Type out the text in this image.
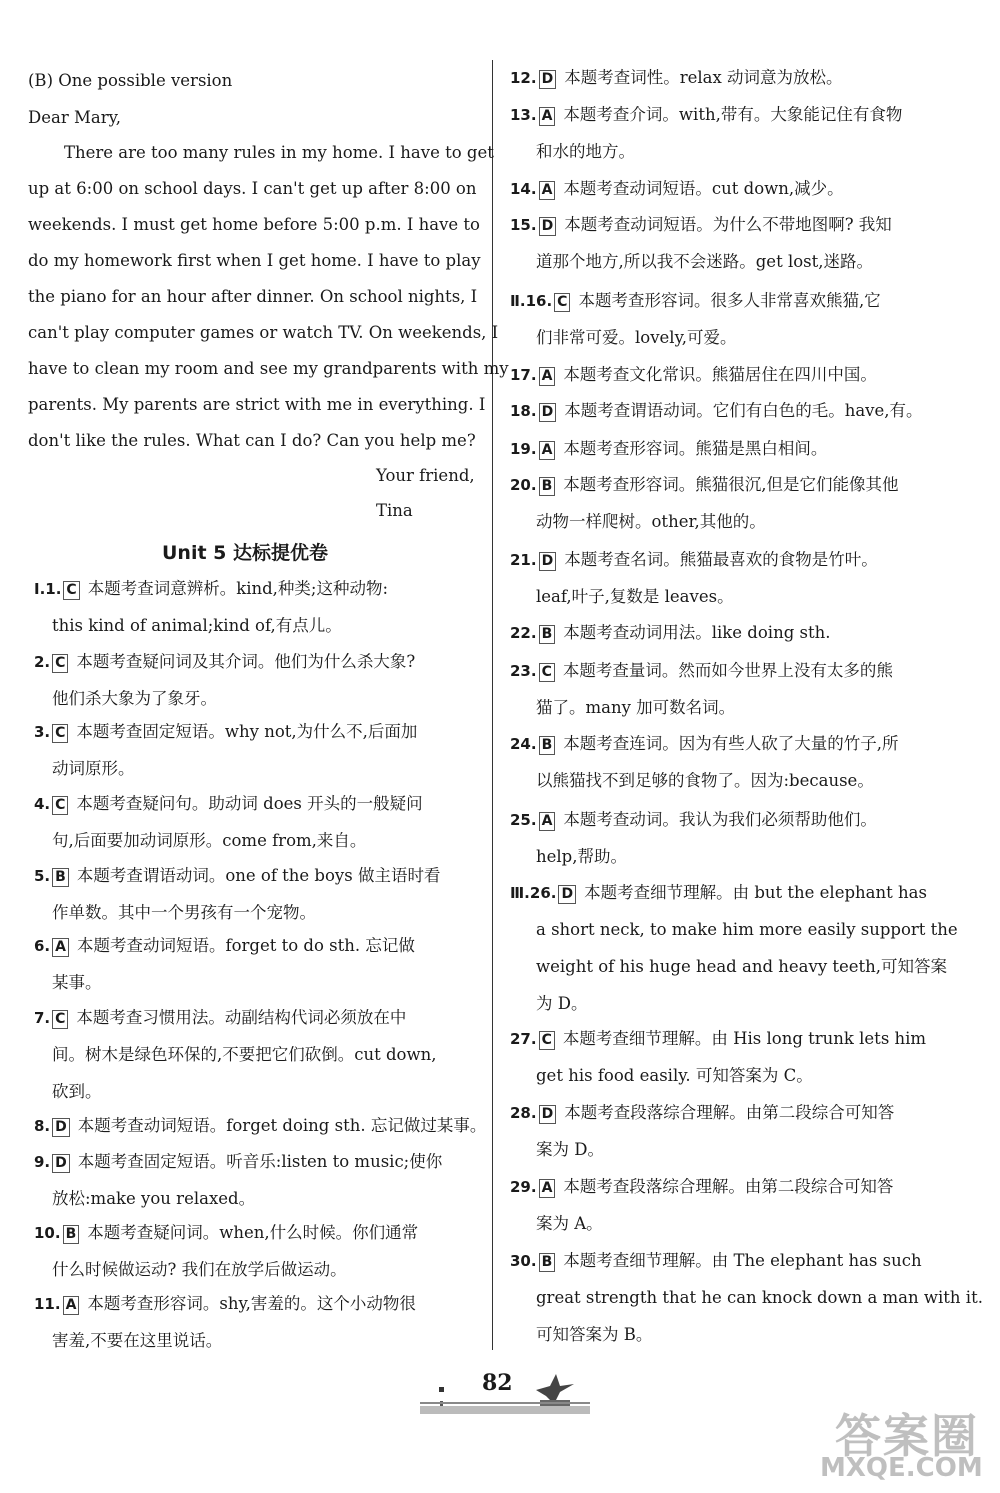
(B) One possible version
Dear Mary,
There are too many rules in my home. I have to get
up at 6:00 on school days. I can't get up after 8:00 on
weekends. I must get home before 5:00 p.m. I have to
do my homework first when I get home. I have to play
the piano for an hour after dinner. On school nights, I
can't play computer games or watch TV. On weekends, I
have to clean my room and see my grandparents with my
parents. My parents are strict with me in everything. I
don't like the rules. What can I do? Can you help me?
Your friend,
Tina
Unit 5 达标提优卷
Ⅰ.1. C 本题考查词意辨析。kind,种类;这种动物:
this kind of animal;kind of,有点儿。
2. C 本题考查疑问词及其介词。他们为什么杀大象?
他们杀大象为了象牙。
3. C 本题考查固定短语。why not,为什么不,后面加
动词原形。
4. C 本题考查疑问句。助动词 does 开头的一般疑问
句,后面要加动词原形。come from,来自。
5. B 本题考查谓语动词。one of the boys 做主语时看
作单数。其中一个男孩有一个宠物。
6. A 本题考查动词短语。forget to do sth. 忘记做
某事。
7. C 本题考查习惯用法。动副结构代词必须放在中
间。树木是绿色环保的,不要把它们砍倒。cut down,
砍到。
8. D 本题考查动词短语。forget doing sth. 忘记做过某事。
9. D 本题考查固定短语。听音乐:listen to music;使你
放松:make you relaxed。
10. B 本题考查疑问词。when,什么时候。你们通常
什么时候做运动? 我们在放学后做运动。
11. A 本题考查形容词。shy,害羞的。这个小动物很
害羞,不要在这里说话。
12. D 本题考查词性。relax 动词意为放松。
13. A 本题考查介词。with,带有。大象能记住有食物
和水的地方。
14. A 本题考查动词短语。cut down,减少。
15. D 本题考查动词短语。为什么不带地图啊? 我知
道那个地方,所以我不会迷路。get lost,迷路。
Ⅱ.16. C 本题考查形容词。很多人非常喜欢熊猫,它
们非常可爱。lovely,可爱。
17. A 本题考查文化常识。熊猫居住在四川中国。
18. D 本题考查谓语动词。它们有白色的毛。have,有。
19. A 本题考查形容词。熊猫是黑白相间。
20. B 本题考查形容词。熊猫很沉,但是它们能像其他
动物一样爬树。other,其他的。
21. D 本题考查名词。熊猫最喜欢的食物是竹叶。
leaf,叶子,复数是 leaves。
22. B 本题考查动词用法。like doing sth.
23. C 本题考查量词。然而如今世界上没有太多的熊
猫了。many 加可数名词。
24. B 本题考查连词。因为有些人砍了大量的竹子,所
以熊猫找不到足够的食物了。因为:because。
25. A 本题考查动词。我认为我们必须帮助他们。
help,帮助。
Ⅲ.26. D 本题考查细节理解。由 but the elephant has
a short neck, to make him more easily support the
weight of his huge head and heavy teeth,可知答案
为 D。
27. C 本题考查细节理解。由 His long trunk lets him
get his food easily. 可知答案为 C。
28. D 本题考查段落综合理解。由第二段综合可知答
案为 D。
29. A 本题考查段落综合理解。由第二段综合可知答
案为 A。
30. B 本题考查细节理解。由 The elephant has such
great strength that he can knock down a man with it.
可知答案为 B。
82
答案圈
MXQE.COM
